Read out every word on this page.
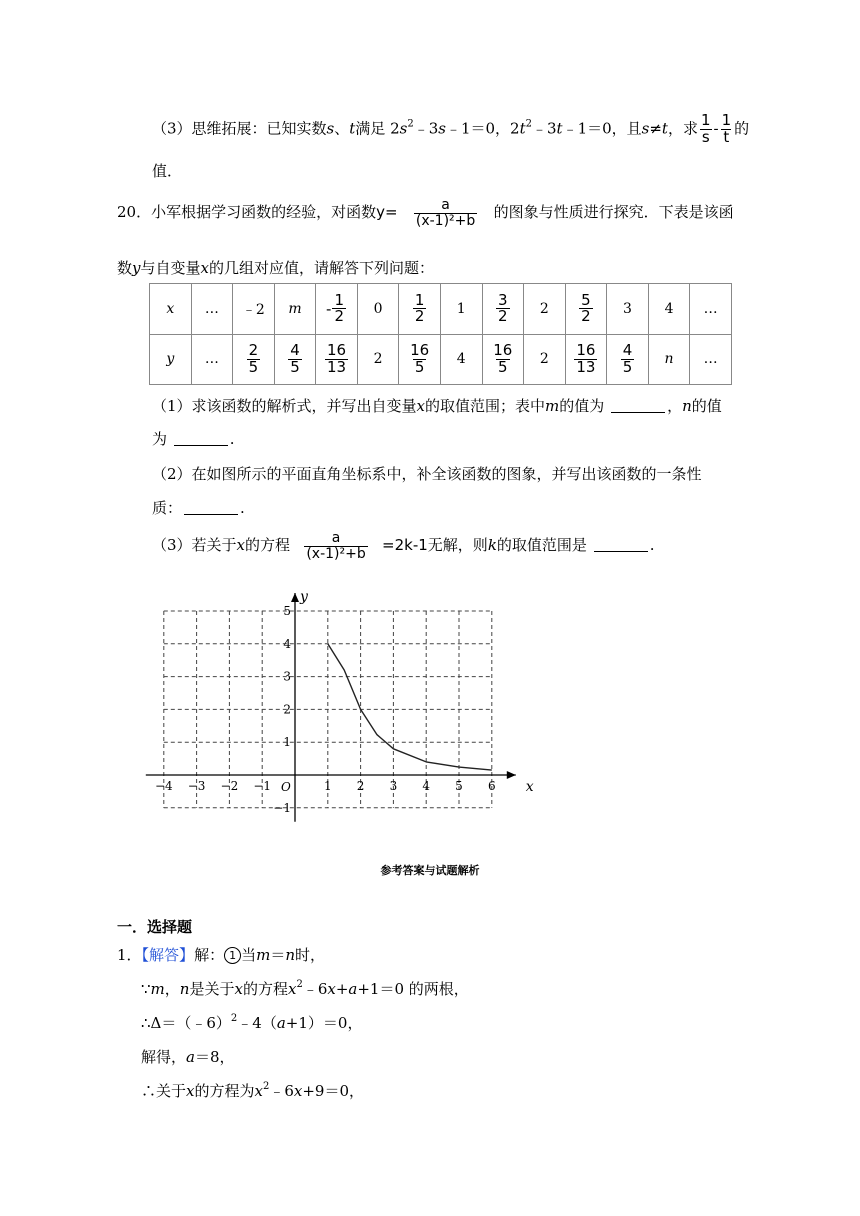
（3）思维拓展：已知实数s、t满足 $2s^2﹣3s﹣1=0$，$2t^2﹣3t﹣1=0$，且s≠t，求 $\frac{1}{s} - \frac{1}{t}$ 的
值．
20．小军根据学习函数的经验，对函数$y= \frac{a}{\text{(x-1)²+b}}$ 的图象与性质进行探究．下表是该函
数y与自变量x的几组对应值，请解答下列问题：
x	…	﹣2	m	- $\frac{1}{2}$	0	$\frac{1}{2}$	1	$\frac{3}{2}$	2	$\frac{5}{2}$	3	4	…
y	…	$\frac{2}{5}$	$\frac{4}{5}$	$\frac{16}{13}$	2	$\frac{16}{5}$	4	$\frac{16}{5}$	2	$\frac{16}{13}$	$\frac{4}{5}$	n	…
（1）求该函数的解析式，并写出自变量x的取值范围；表中m的值为	，n的值
为	.
（2）在如图所示的平面直角坐标系中，补全该函数的图象，并写出该函数的一条性
质：	.
（3）若关于x的方程 $\frac{a}{\text{(x-1)²+b}} =2k-1$无解，则k的取值范围是	.
−4 −3 −2 −1	1 2 3 4 5 6
5
4
3
2
1
−1
O	x
y
参考答案与试题解析
一．选择题
1．【解答】解： 1 当m＝n时，
∵m，n是关于x的方程$x^2﹣6x+a+1=0$ 的两根，
∴Δ＝（﹣6）$^2$﹣4（a+1）＝0，
解得，a＝8，
∴关于x的方程为$x^2﹣6x+9=0$，
